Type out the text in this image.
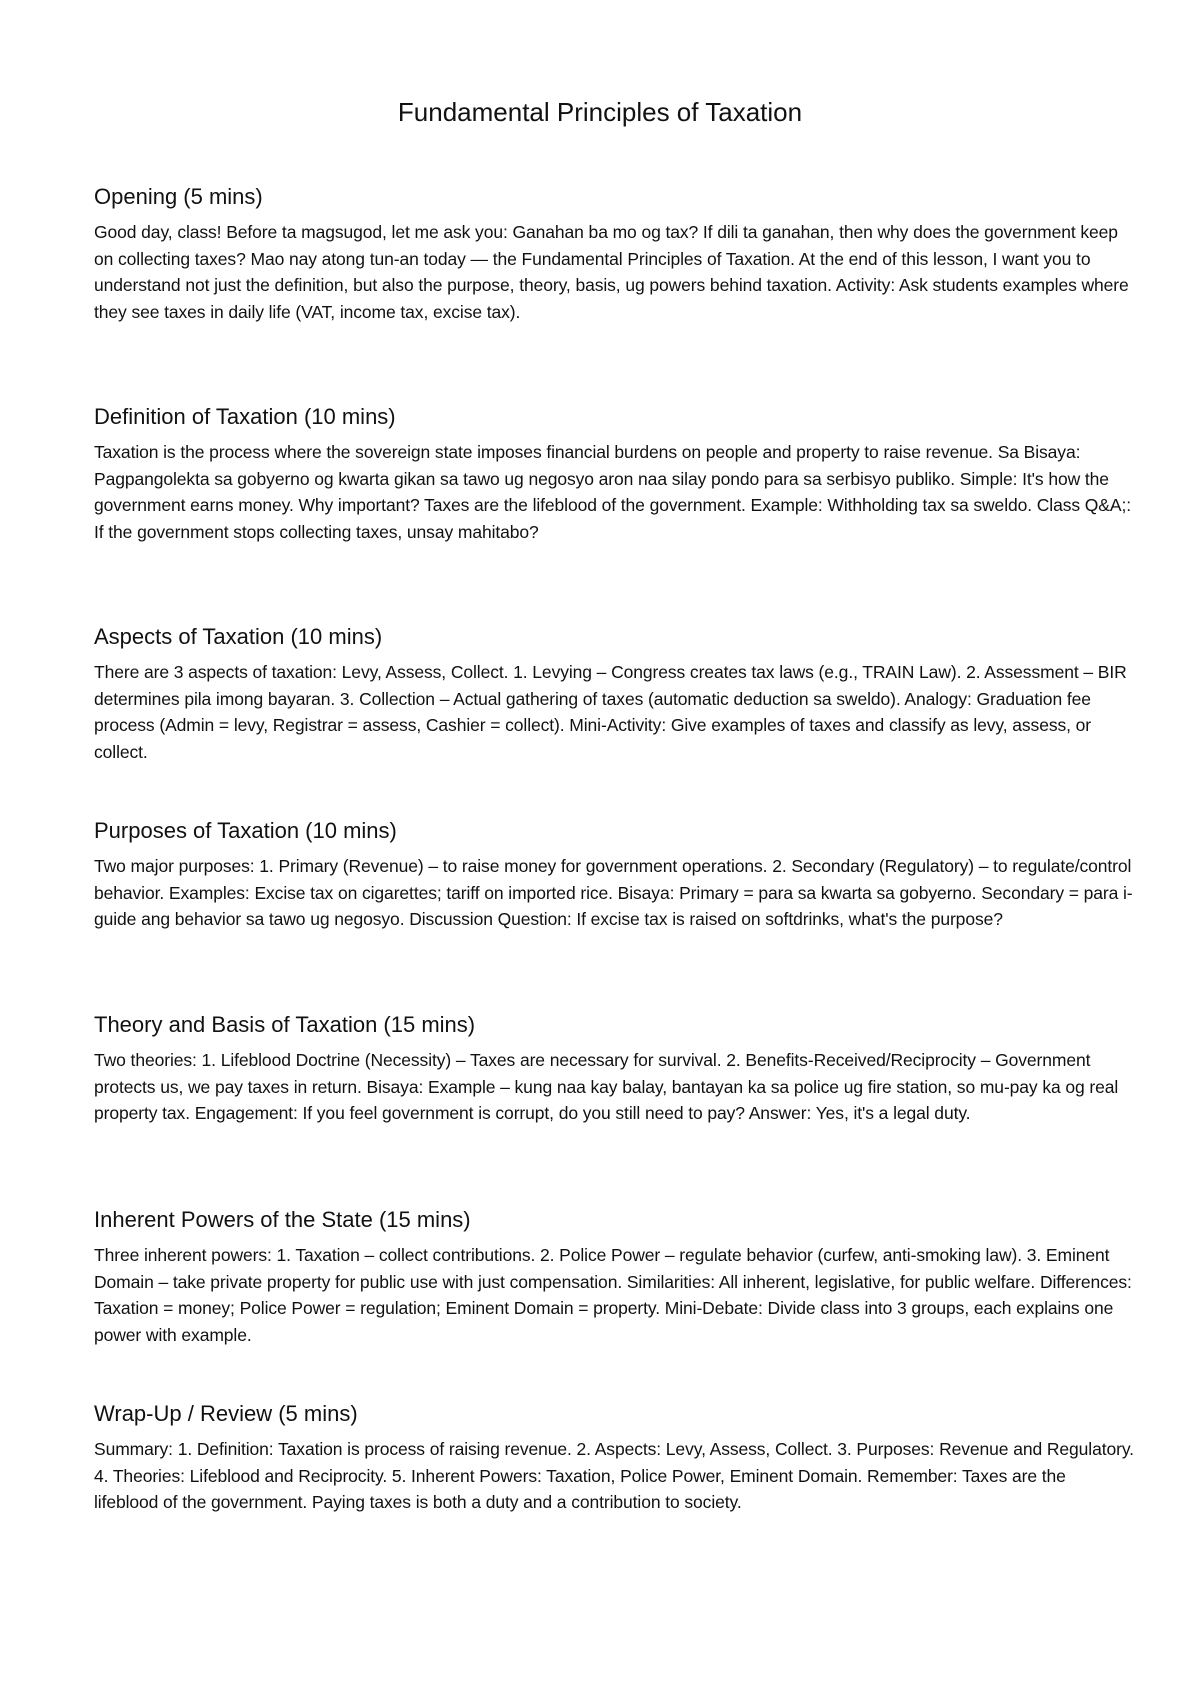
Fundamental Principles of Taxation
Opening (5 mins)

Good day, class! Before ta magsugod, let me ask you: Ganahan ba mo og tax? If dili ta ganahan, then why does the government keep on collecting taxes? Mao nay atong tun-an today — the Fundamental Principles of Taxation. At the end of this lesson, I want you to understand not just the definition, but also the purpose, theory, basis, ug powers behind taxation. Activity: Ask students examples where they see taxes in daily life (VAT, income tax, excise tax).

Definition of Taxation (10 mins)

Taxation is the process where the sovereign state imposes financial burdens on people and property to raise revenue. Sa Bisaya: Pagpangolekta sa gobyerno og kwarta gikan sa tawo ug negosyo aron naa silay pondo para sa serbisyo publiko. Simple: It's how the government earns money. Why important? Taxes are the lifeblood of the government. Example: Withholding tax sa sweldo. Class Q&A;: If the government stops collecting taxes, unsay mahitabo?

Aspects of Taxation (10 mins)

There are 3 aspects of taxation: Levy, Assess, Collect. 1. Levying – Congress creates tax laws (e.g., TRAIN Law). 2. Assessment – BIR determines pila imong bayaran. 3. Collection – Actual gathering of taxes (automatic deduction sa sweldo). Analogy: Graduation fee process (Admin = levy, Registrar = assess, Cashier = collect). Mini-Activity: Give examples of taxes and classify as levy, assess, or collect.

Purposes of Taxation (10 mins)

Two major purposes: 1. Primary (Revenue) – to raise money for government operations. 2. Secondary (Regulatory) – to regulate/control behavior. Examples: Excise tax on cigarettes; tariff on imported rice. Bisaya: Primary = para sa kwarta sa gobyerno. Secondary = para i-guide ang behavior sa tawo ug negosyo. Discussion Question: If excise tax is raised on softdrinks, what's the purpose?

Theory and Basis of Taxation (15 mins)

Two theories: 1. Lifeblood Doctrine (Necessity) – Taxes are necessary for survival. 2. Benefits-Received/Reciprocity – Government protects us, we pay taxes in return. Bisaya: Example – kung naa kay balay, bantayan ka sa police ug fire station, so mu-pay ka og real property tax. Engagement: If you feel government is corrupt, do you still need to pay? Answer: Yes, it's a legal duty.

Inherent Powers of the State (15 mins)

Three inherent powers: 1. Taxation – collect contributions. 2. Police Power – regulate behavior (curfew, anti-smoking law). 3. Eminent Domain – take private property for public use with just compensation. Similarities: All inherent, legislative, for public welfare. Differences: Taxation = money; Police Power = regulation; Eminent Domain = property. Mini-Debate: Divide class into 3 groups, each explains one power with example.

Wrap-Up / Review (5 mins)

Summary: 1. Definition: Taxation is process of raising revenue. 2. Aspects: Levy, Assess, Collect. 3. Purposes: Revenue and Regulatory. 4. Theories: Lifeblood and Reciprocity. 5. Inherent Powers: Taxation, Police Power, Eminent Domain. Remember: Taxes are the lifeblood of the government. Paying taxes is both a duty and a contribution to society.
